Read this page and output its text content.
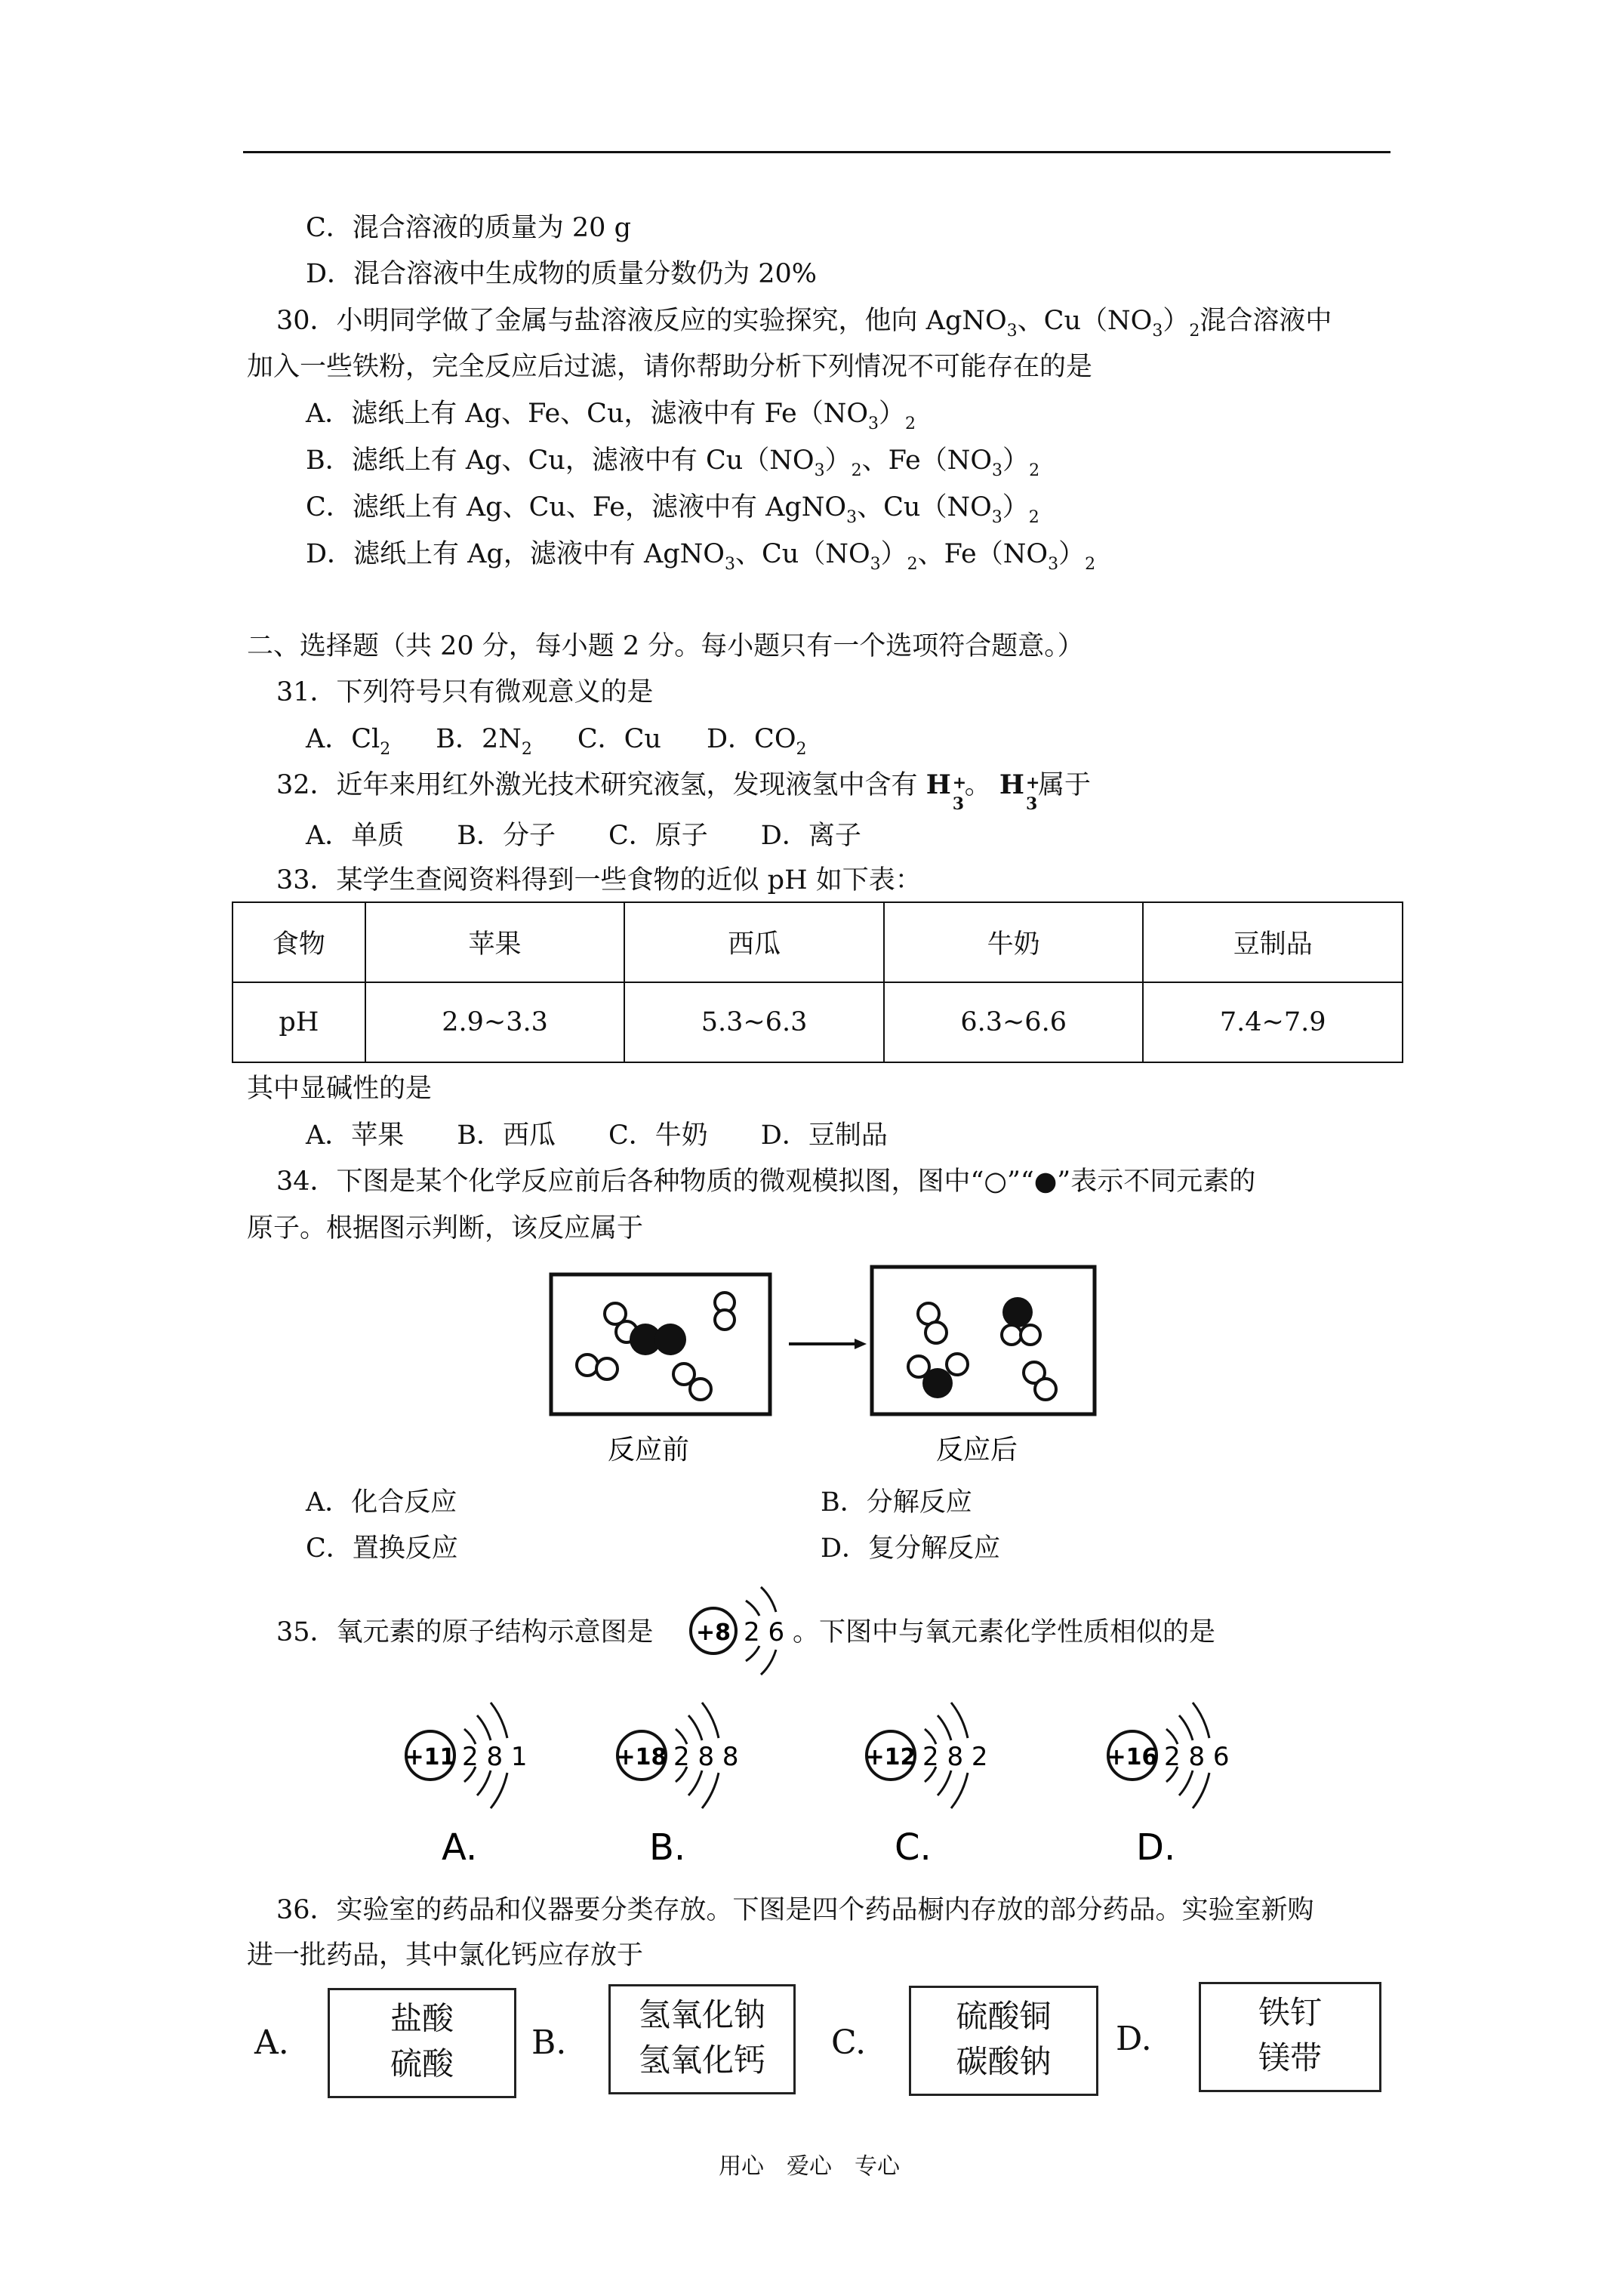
C．混合溶液的质量为 20 g
D．混合溶液中生成物的质量分数仍为 20%
30．小明同学做了金属与盐溶液反应的实验探究，他向 AgNO$_3$、$Cu(NO_3)_2$混合溶液中
加入一些铁粉，完全反应后过滤，请你帮助分析下列情况不可能存在的是
A．滤纸上有 Ag、Fe、Cu，滤液中有 $Fe(NO_3)_2$
B．滤纸上有 Ag、Cu，滤液中有 $Cu(NO_3)_2$、$Fe(NO_3)_2$
C．滤纸上有 Ag、Cu、Fe，滤液中有 AgNO$_3$、$Cu(NO_3)_2$
D．滤纸上有 Ag，滤液中有 AgNO$_3$、$Cu(NO_3)_2$、$Fe(NO_3)_2$
二、选择题（共 20 分，每小题 2 分。每小题只有一个选项符合题意。）
31．下列符号只有微观意义的是
A．$Cl_2$ B．$2N_2$ C．Cu D．$CO_2$
32．近年来用红外激光技术研究液氢，发现液氢中含有 H +
3
。 H +
3
属于
A．单质　　B．分子　　C．原子　　D．离子
33．某学生查阅资料得到一些食物的近似 pH 如下表：
食物	苹果	西瓜	牛奶	豆制品
pH	2.9~3.3	5.3~6.3	6.3~6.6	7.4~7.9
其中显碱性的是
A．苹果　　B．西瓜　　C．牛奶　　D．豆制品
34．下图是某个化学反应前后各种物质的微观模拟图，图中“○”“●”表示不同元素的
原子。根据图示判断，该反应属于
反应前	反应后
A．化合反应	B．分解反应
C．置换反应	D．复分解反应
35．氧元素的原子结构示意图是 +8 2 6 。下图中与氧元素化学性质相似的是
+11 2 8 1
A.
+18 2 8 8
B.
+12 2 8 2
C.
+16 2 8 6
D.
36．实验室的药品和仪器要分类存放。下图是四个药品橱内存放的部分药品。实验室新购
进一批药品，其中氯化钙应存放于
A.
盐酸
硫酸
B.
氢氧化钠
氢氧化钙	C.
硫酸铜
碳酸钠
D.
铁钉
镁带
用心　爱心　专心
